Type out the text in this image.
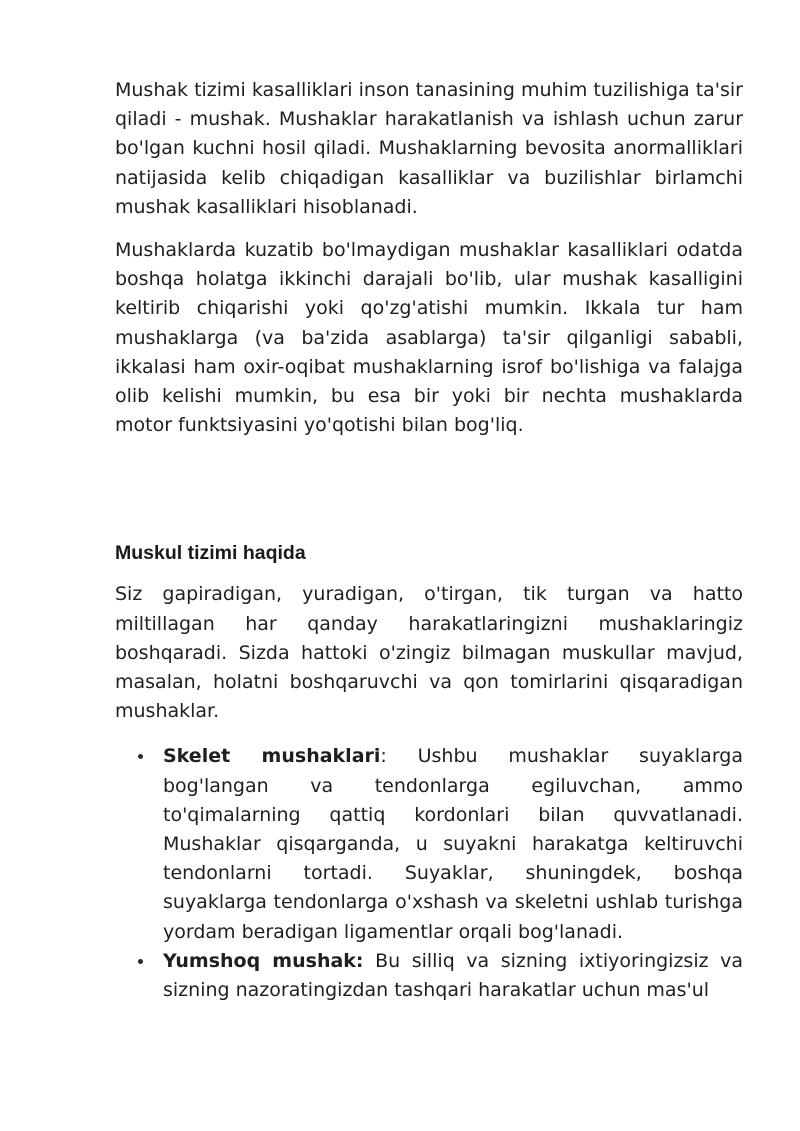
Mushak tizimi kasalliklari inson tanasining muhim tuzilishiga ta'sir qiladi - mushak. Mushaklar harakatlanish va ishlash uchun zarur bo'lgan kuchni hosil qiladi. Mushaklarning bevosita anormalliklari natijasida kelib chiqadigan kasalliklar va buzilishlar birlamchi mushak kasalliklari hisoblanadi.

Mushaklarda kuzatib bo'lmaydigan mushaklar kasalliklari odatda boshqa holatga ikkinchi darajali bo'lib, ular mushak kasalligini keltirib chiqarishi yoki qo'zg'atishi mumkin. Ikkala tur ham mushaklarga (va ba'zida asablarga) ta'sir qilganligi sababli, ikkalasi ham oxir-oqibat mushaklarning isrof bo'lishiga va falajga olib kelishi mumkin, bu esa bir yoki bir nechta mushaklarda motor funktsiyasini yo'qotishi bilan bog'liq.

Muskul tizimi haqida

Siz gapiradigan, yuradigan, o'tirgan, tik turgan va hatto miltillagan har qanday harakatlaringizni mushaklaringiz boshqaradi. Sizda hattoki o'zingiz bilmagan muskullar mavjud, masalan, holatni boshqaruvchi va qon tomirlarini qisqaradigan mushaklar.

Skelet mushaklari: Ushbu mushaklar suyaklarga bog'langan va tendonlarga egiluvchan, ammo to'qimalarning qattiq kordonlari bilan quvvatlanadi. Mushaklar qisqarganda, u suyakni harakatga keltiruvchi tendonlarni tortadi. Suyaklar, shuningdek, boshqa suyaklarga tendonlarga o'xshash va skeletni ushlab turishga yordam beradigan ligamentlar orqali bog'lanadi.
Yumshoq mushak: Bu silliq va sizning ixtiyoringizsiz va sizning nazoratingizdan tashqari harakatlar uchun mas'ul
